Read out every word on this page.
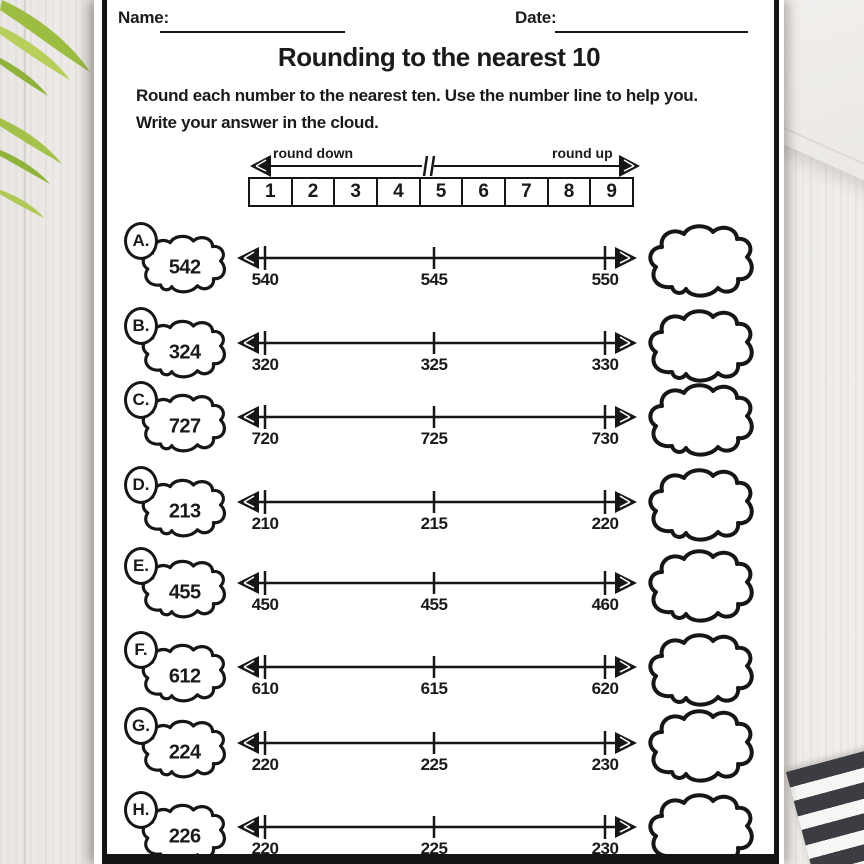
Name:	Date:
Rounding to the nearest 10
Round each number to the nearest ten. Use the number line to help you.
Write your answer in the cloud.
round down	round up
1	2	3	4	5	6	7	8	9
A.
542
540	545	550
B.
324
320	325	330
C.
727
720	725	730
D.
213
210	215	220
E.
455
450	455	460
F.
612
610	615	620
G.
224
220	225	230
H.
226
220	225	230
